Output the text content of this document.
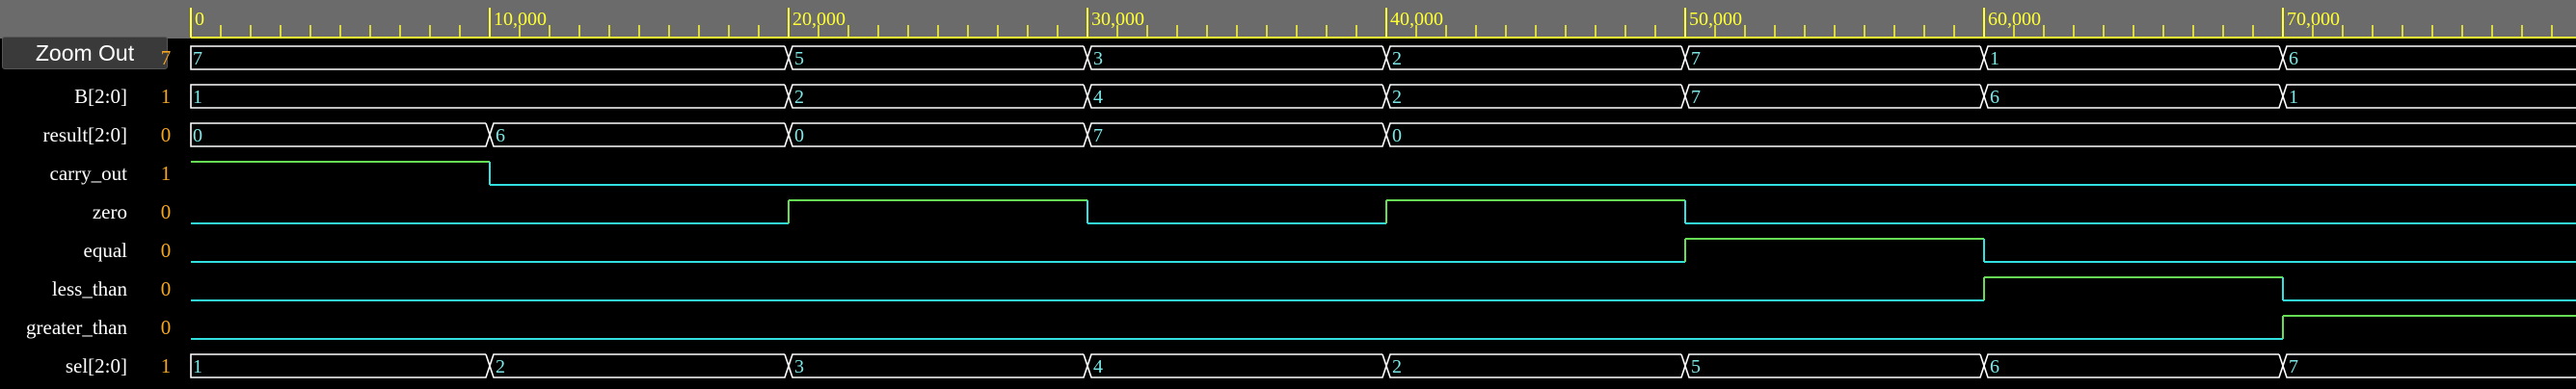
0	10,000	20,000	30,000	40,000	50,000	60,000	70,000
7	5	3	2	7	1	6
1	2	4	2	7	6	1
0	6	0	7	0
1	2	3	4	2	5	6	7
Zoom Out	7
B[2:0]	1
result[2:0]	0
carry_out	1
zero	0
equal	0
less_than	0
greater_than	0
sel[2:0]	1
